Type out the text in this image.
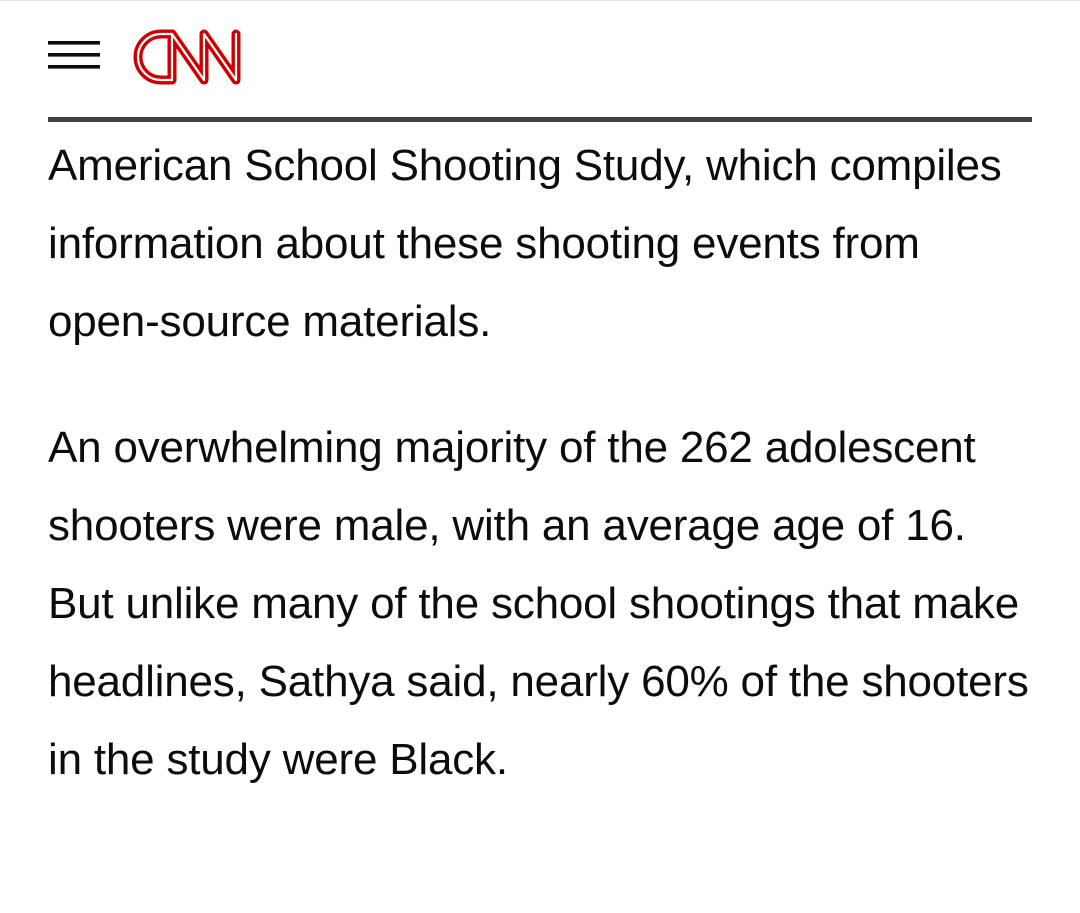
CNN

American School Shooting Study, which compiles information about these shooting events from open-source materials.

An overwhelming majority of the 262 adolescent shooters were male, with an average age of 16. But unlike many of the school shootings that make headlines, Sathya said, nearly 60% of the shooters in the study were Black.
